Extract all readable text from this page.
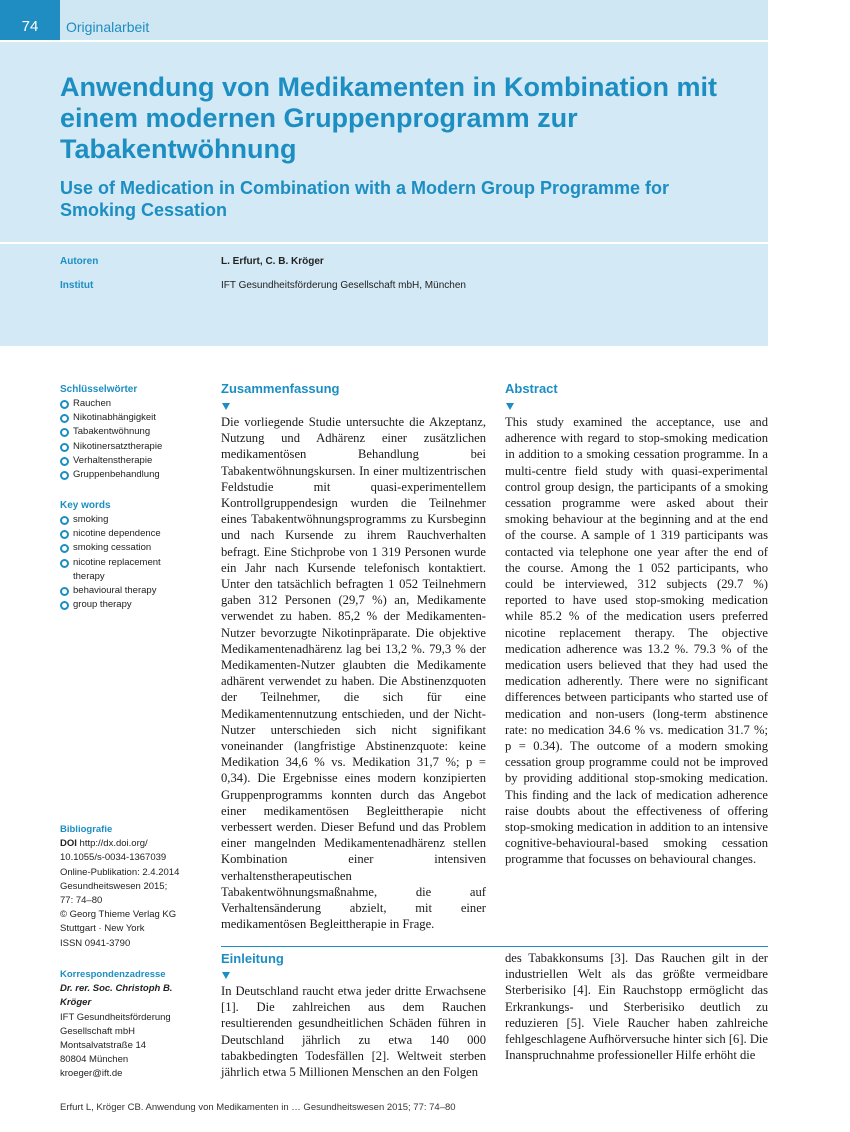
74	Originalarbeit
Anwendung von Medikamenten in Kombination mit einem modernen Gruppenprogramm zur Tabakentwöhnung
Use of Medication in Combination with a Modern Group Programme for Smoking Cessation
Autoren	L. Erfurt, C. B. Kröger
Institut	IFT Gesundheitsförderung Gesellschaft mbH, München
Schlüsselwörter
Rauchen
Nikotinabhängigkeit
Tabakentwöhnung
Nikotinersatztherapie
Verhaltenstherapie
Gruppenbehandlung
Key words
smoking
nicotine dependence
smoking cessation
nicotine replacement therapy
behavioural therapy
group therapy
Zusammenfassung

Die vorliegende Studie untersuchte die Akzeptanz, Nutzung und Adhärenz einer zusätzlichen medikamentösen Behandlung bei Tabakentwöhnungskursen. In einer multizentrischen Feldstudie mit quasi-experimentellem Kontrollgruppendesign wurden die Teilnehmer eines Tabakentwöhnungsprogramms zu Kursbeginn und nach Kursende zu ihrem Rauchverhalten befragt. Eine Stichprobe von 1 319 Personen wurde ein Jahr nach Kursende telefonisch kontaktiert. Unter den tatsächlich befragten 1 052 Teilnehmern gaben 312 Personen (29,7 %) an, Medikamente verwendet zu haben. 85,2 % der Medikamenten-Nutzer bevorzugte Nikotinpräparate. Die objektive Medikamentenadhärenz lag bei 13,2 %. 79,3 % der Medikamenten-Nutzer glaubten die Medikamente adhärent verwendet zu haben. Die Abstinenzquoten der Teilnehmer, die sich für eine Medikamentennutzung entschieden, und der Nicht-Nutzer unterschieden sich nicht signifikant voneinander (langfristige Abstinenzquote: keine Medikation 34,6 % vs. Medikation 31,7 %; p = 0,34). Die Ergebnisse eines modern konzipierten Gruppenprogramms konnten durch das Angebot einer medikamentösen Begleittherapie nicht verbessert werden. Dieser Befund und das Problem einer mangelnden Medikamentenadhärenz stellen Kombination einer intensiven verhaltenstherapeutischen Tabakentwöhnungsmaßnahme, die auf Verhaltensänderung abzielt, mit einer medikamentösen Begleittherapie in Frage.

Abstract

This study examined the acceptance, use and adherence with regard to stop-smoking medication in addition to a smoking cessation programme. In a multi-centre field study with quasi-experimental control group design, the participants of a smoking cessation programme were asked about their smoking behaviour at the beginning and at the end of the course. A sample of 1 319 participants was contacted via telephone one year after the end of the course. Among the 1 052 participants, who could be interviewed, 312 subjects (29.7 %) reported to have used stop-smoking medication while 85.2 % of the medication users preferred nicotine replacement therapy. The objective medication adherence was 13.2 %. 79.3 % of the medication users believed that they had used the medication adherently. There were no significant differences between participants who started use of medication and non-users (long-term abstinence rate: no medication 34.6 % vs. medication 31.7 %; p = 0.34). The outcome of a modern smoking cessation group programme could not be improved by providing additional stop-smoking medication. This finding and the lack of medication adherence raise doubts about the effectiveness of offering stop-smoking medication in addition to an intensive cognitive-behavioural-based smoking cessation programme that focusses on behavioural changes.

Bibliografie
DOI http://dx.doi.org/
10.1055/s-0034-1367039
Online-Publikation: 2.4.2014
Gesundheitswesen 2015;
77: 74–80
© Georg Thieme Verlag KG
Stuttgart · New York
ISSN 0941-3790
Korrespondenzadresse
Dr. rer. Soc. Christoph B.
Kröger
IFT Gesundheitsförderung
Gesellschaft mbH
Montsalvatstraße 14
80804 München
kroeger@ift.de
Einleitung

In Deutschland raucht etwa jeder dritte Erwachsene [1]. Die zahlreichen aus dem Rauchen resultierenden gesundheitlichen Schäden führen in Deutschland jährlich zu etwa 140 000 tabakbedingten Todesfällen [2]. Weltweit sterben jährlich etwa 5 Millionen Menschen an den Folgen

des Tabakkonsums [3]. Das Rauchen gilt in der industriellen Welt als das größte vermeidbare Sterberisiko [4]. Ein Rauchstopp ermöglicht das Erkrankungs- und Sterberisiko deutlich zu reduzieren [5]. Viele Raucher haben zahlreiche fehlgeschlagene Aufhörversuche hinter sich [6]. Die Inanspruchnahme professioneller Hilfe erhöht die

Erfurt L, Kröger CB. Anwendung von Medikamenten in … Gesundheitswesen 2015; 77: 74–80
